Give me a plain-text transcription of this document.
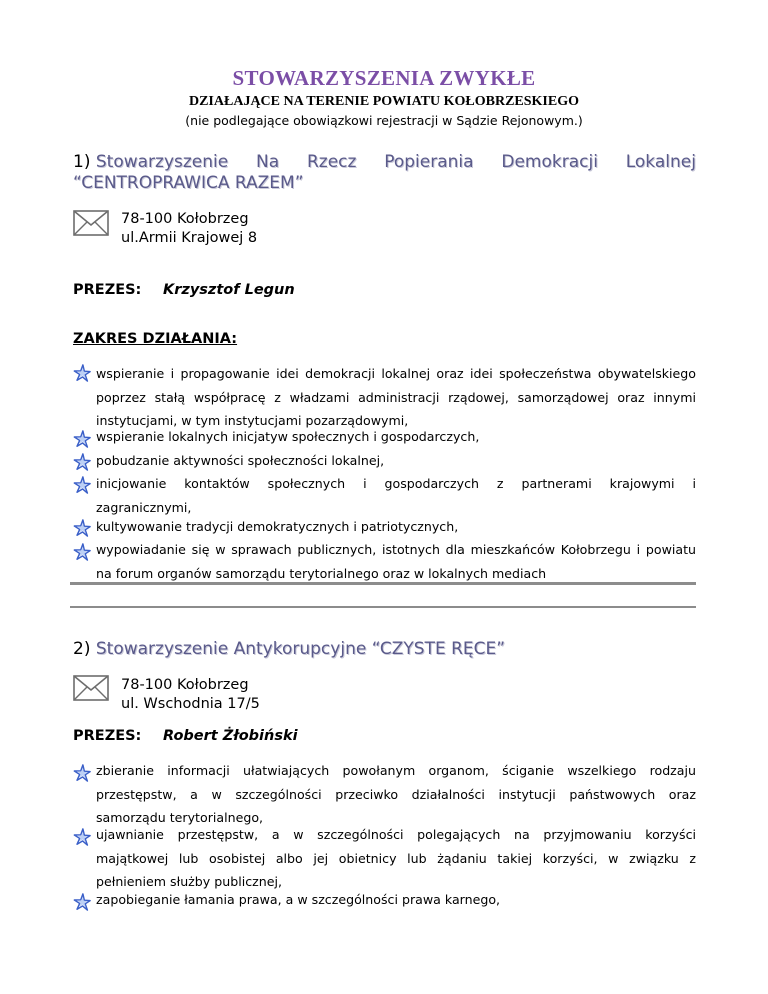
STOWARZYSZENIA ZWYKŁE
DZIAŁAJĄCE NA TERENIE POWIATU KOŁOBRZESKIEGO
(nie podlegające obowiązkowi rejestracji w Sądzie Rejonowym.)
1) Stowarzyszenie Na Rzecz Popierania Demokracji Lokalnej
“CENTROPRAWICA RAZEM”
78-100 Kołobrzeg
ul.Armii Krajowej 8
PREZES: Krzysztof Legun
ZAKRES DZIAŁANIA:
wspieranie i propagowanie idei demokracji lokalnej oraz idei społeczeństwa obywatelskiego
poprzez stałą współpracę z władzami administracji rządowej, samorządowej oraz innymi
instytucjami, w tym instytucjami pozarządowymi,
wspieranie lokalnych inicjatyw społecznych i gospodarczych,
pobudzanie aktywności społeczności lokalnej,
inicjowanie kontaktów społecznych i gospodarczych z partnerami krajowymi i
zagranicznymi,
kultywowanie tradycji demokratycznych i patriotycznych,
wypowiadanie się w sprawach publicznych, istotnych dla mieszkańców Kołobrzegu i powiatu
na forum organów samorządu terytorialnego oraz w lokalnych mediach
2) Stowarzyszenie Antykorupcyjne “CZYSTE RĘCE”
78-100 Kołobrzeg
ul. Wschodnia 17/5
PREZES: Robert Żłobiński
zbieranie informacji ułatwiających powołanym organom, ściganie wszelkiego rodzaju
przestępstw, a w szczególności przeciwko działalności instytucji państwowych oraz
samorządu terytorialnego,
ujawnianie przestępstw, a w szczególności polegających na przyjmowaniu korzyści
majątkowej lub osobistej albo jej obietnicy lub żądaniu takiej korzyści, w związku z
pełnieniem służby publicznej,
zapobieganie łamania prawa, a w szczególności prawa karnego,
